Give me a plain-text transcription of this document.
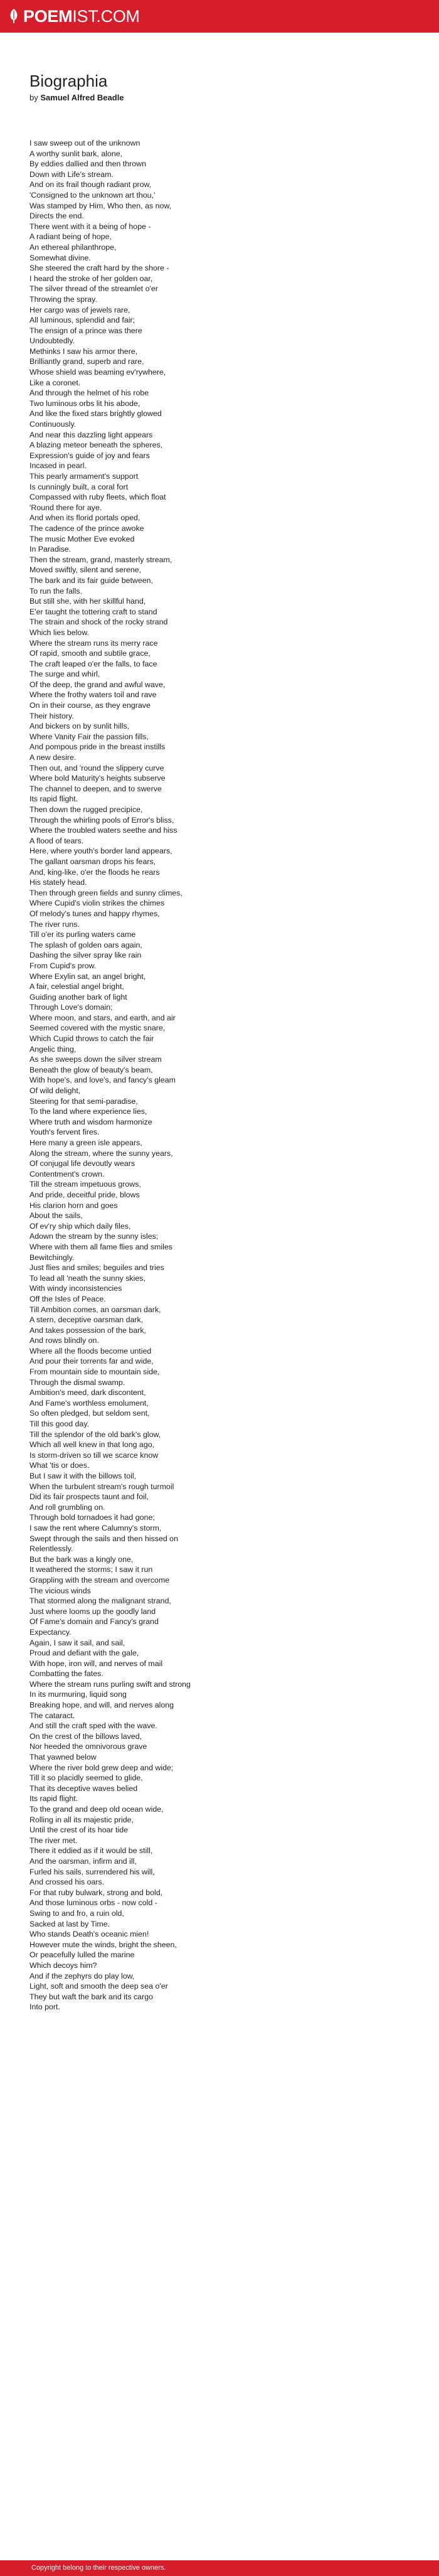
POEMIST.COM
Biographia
by Samuel Alfred Beadle
I saw sweep out of the unknown
A worthy sunlit bark, alone,
By eddies dallied and then thrown
Down with Life's stream.
And on its frail though radiant prow,
'Consigned to the unknown art thou,'
Was stamped by Him, Who then, as now,
Directs the end.
There went with it a being of hope -
A radiant being of hope,
An ethereal philanthrope,
Somewhat divine.
She steered the craft hard by the shore -
I heard the stroke of her golden oar,
The silver thread of the streamlet o'er
Throwing the spray.
Her cargo was of jewels rare,
All luminous, splendid and fair;
The ensign of a prince was there
Undoubtedly.
Methinks I saw his armor there,
Brilliantly grand, superb and rare,
Whose shield was beaming ev'rywhere,
Like a coronet.
And through the helmet of his robe
Two luminous orbs lit his abode,
And like the fixed stars brightly glowed
Continuously.
And near this dazzling light appears
A blazing meteor beneath the spheres,
Expression's guide of joy and fears
Incased in pearl.
This pearly armament's support
Is cunningly built, a coral fort
Compassed with ruby fleets, which float
'Round there for aye.
And when its florid portals oped,
The cadence of the prince awoke
The music Mother Eve evoked
In Paradise.
Then the stream, grand, masterly stream,
Moved swiftly, silent and serene,
The bark and its fair guide between,
To run the falls.
But still she, with her skillful hand,
E'er taught the tottering craft to stand
The strain and shock of the rocky strand
Which lies below.
Where the stream runs its merry race
Of rapid, smooth and subtile grace,
The craft leaped o'er the falls, to face
The surge and whirl,
Of the deep, the grand and awful wave,
Where the frothy waters toil and rave
On in their course, as they engrave
Their history.
And bickers on by sunlit hills,
Where Vanity Fair the passion fills,
And pompous pride in the breast instills
A new desire.
Then out, and 'round the slippery curve
Where bold Maturity's heights subserve
The channel to deepen, and to swerve
Its rapid flight.
Then down the rugged precipice,
Through the whirling pools of Error's bliss,
Where the troubled waters seethe and hiss
A flood of tears.
Here, where youth's border land appears,
The gallant oarsman drops his fears,
And, king-like, o'er the floods he rears
His stately head.
Then through green fields and sunny climes,
Where Cupid's violin strikes the chimes
Of melody's tunes and happy rhymes,
The river runs.
Till o'er its purling waters came
The splash of golden oars again,
Dashing the silver spray like rain
From Cupid's prow.
Where Exylin sat, an angel bright,
A fair, celestial angel bright,
Guiding another bark of light
Through Love's domain;
Where moon, and stars, and earth, and air
Seemed covered with the mystic snare,
Which Cupid throws to catch the fair
Angelic thing,
As she sweeps down the silver stream
Beneath the glow of beauty's beam,
With hope's, and love's, and fancy's gleam
Of wild delight,
Steering for that semi-paradise,
To the land where experience lies,
Where truth and wisdom harmonize
Youth's fervent fires.
Here many a green isle appears,
Along the stream, where the sunny years,
Of conjugal life devoutly wears
Contentment's crown.
Till the stream impetuous grows,
And pride, deceitful pride, blows
His clarion horn and goes
About the sails,
Of ev'ry ship which daily files,
Adown the stream by the sunny isles;
Where with them all fame flies and smiles
Bewitchingly.
Just flies and smiles; beguiles and tries
To lead all 'neath the sunny skies,
With windy inconsistencies
Off the Isles of Peace.
Till Ambition comes, an oarsman dark,
A stern, deceptive oarsman dark,
And takes possession of the bark,
And rows blindly on.
Where all the floods become untied
And pour their torrents far and wide,
From mountain side to mountain side,
Through the dismal swamp.
Ambition's meed, dark discontent,
And Fame's worthless emolument,
So often pledged, but seldom sent,
Till this good day.
Till the splendor of the old bark's glow,
Which all well knew in that long ago,
Is storm-driven so till we scarce know
What 'tis or does.
But I saw it with the billows toil,
When the turbulent stream's rough turmoil
Did its fair prospects taunt and foil,
And roll grumbling on.
Through bold tornadoes it had gone;
I saw the rent where Calumny's storm,
Swept through the sails and then hissed on
Relentlessly.
But the bark was a kingly one,
It weathered the storms; I saw it run
Grappling with the stream and overcome
The vicious winds
That stormed along the malignant strand,
Just where looms up the goodly land
Of Fame's domain and Fancy's grand
Expectancy.
Again, I saw it sail, and sail,
Proud and defiant with the gale,
With hope, iron will, and nerves of mail
Combatting the fates.
Where the stream runs purling swift and strong
In its murmuring, liquid song
Breaking hope, and will, and nerves along
The cataract.
And still the craft sped with the wave.
On the crest of the billows laved,
Nor heeded the omnivorous grave
That yawned below
Where the river bold grew deep and wide;
Till it so placidly seemed to glide,
That its deceptive waves belied
Its rapid flight.
To the grand and deep old ocean wide,
Rolling in all its majestic pride,
Until the crest of its hoar tide
The river met.
There it eddied as if it would be still,
And the oarsman, infirm and ill,
Furled his sails, surrendered his will,
And crossed his oars.
For that ruby bulwark, strong and bold,
And those luminous orbs - now cold -
Swing to and fro, a ruin old,
Sacked at last by Time.
Who stands Death's oceanic mien!
However mute the winds, bright the sheen,
Or peacefully lulled the marine
Which decoys him?
And if the zephyrs do play low,
Light, soft and smooth the deep sea o'er
They but waft the bark and its cargo
Into port.
Copyright belong to their respective owners.
